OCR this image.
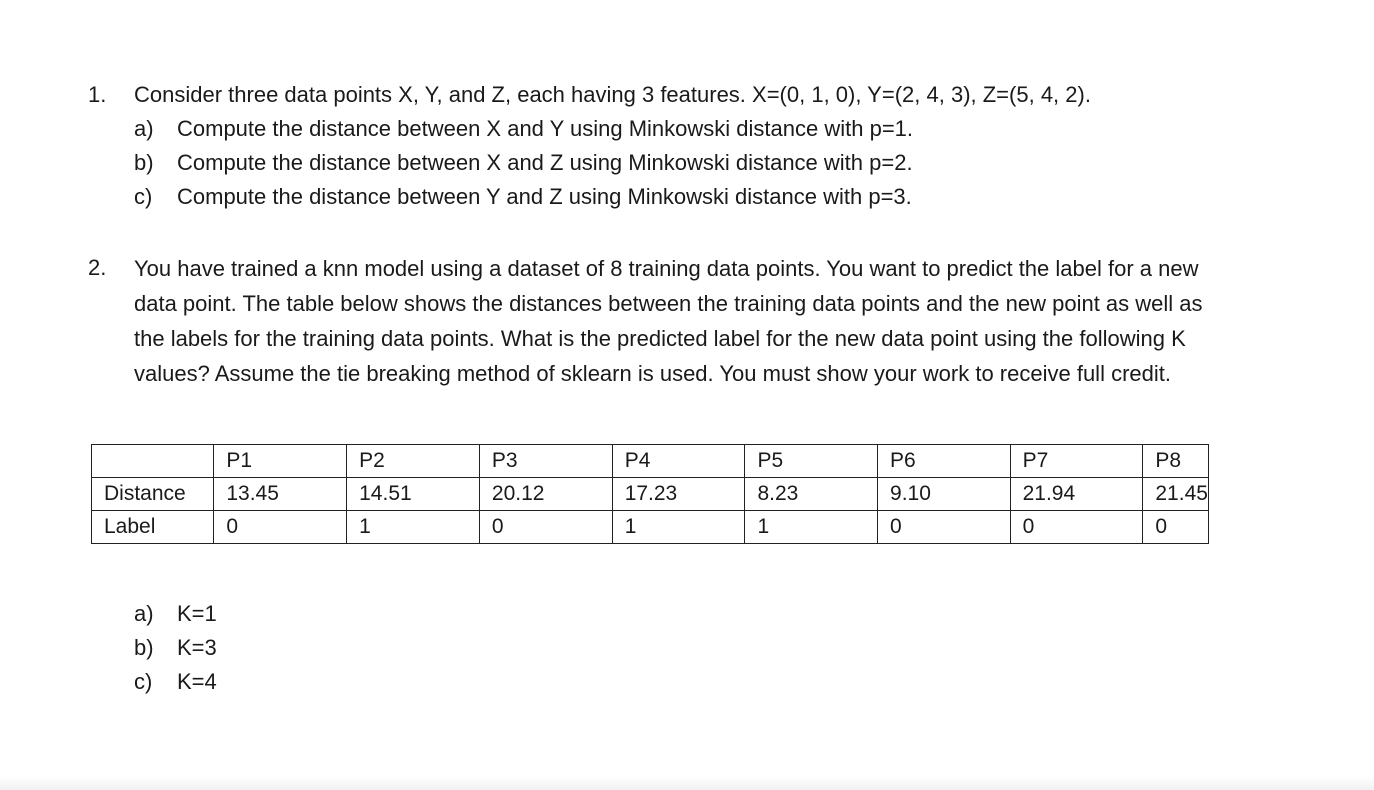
1.	Consider three data points X, Y, and Z, each having 3 features. X=(0, 1, 0), Y=(2, 4, 3), Z=(5, 4, 2).
a)	Compute the distance between X and Y using Minkowski distance with p=1.
b)	Compute the distance between X and Z using Minkowski distance with p=2.
c)	Compute the distance between Y and Z using Minkowski distance with p=3.
2.	You have trained a knn model using a dataset of 8 training data points. You want to predict the label for a new data point. The table below shows the distances between the training data points and the new point as well as the labels for the training data points. What is the predicted label for the new data point using the following K values? Assume the tie breaking method of sklearn is used. You must show your work to receive full credit.
	P1	P2	P3	P4	P5	P6	P7	P8
Distance	13.45	14.51	20.12	17.23	8.23	9.10	21.94	21.45
Label	0	1	0	1	1	0	0	0
a)	K=1
b)	K=3
c)	K=4
